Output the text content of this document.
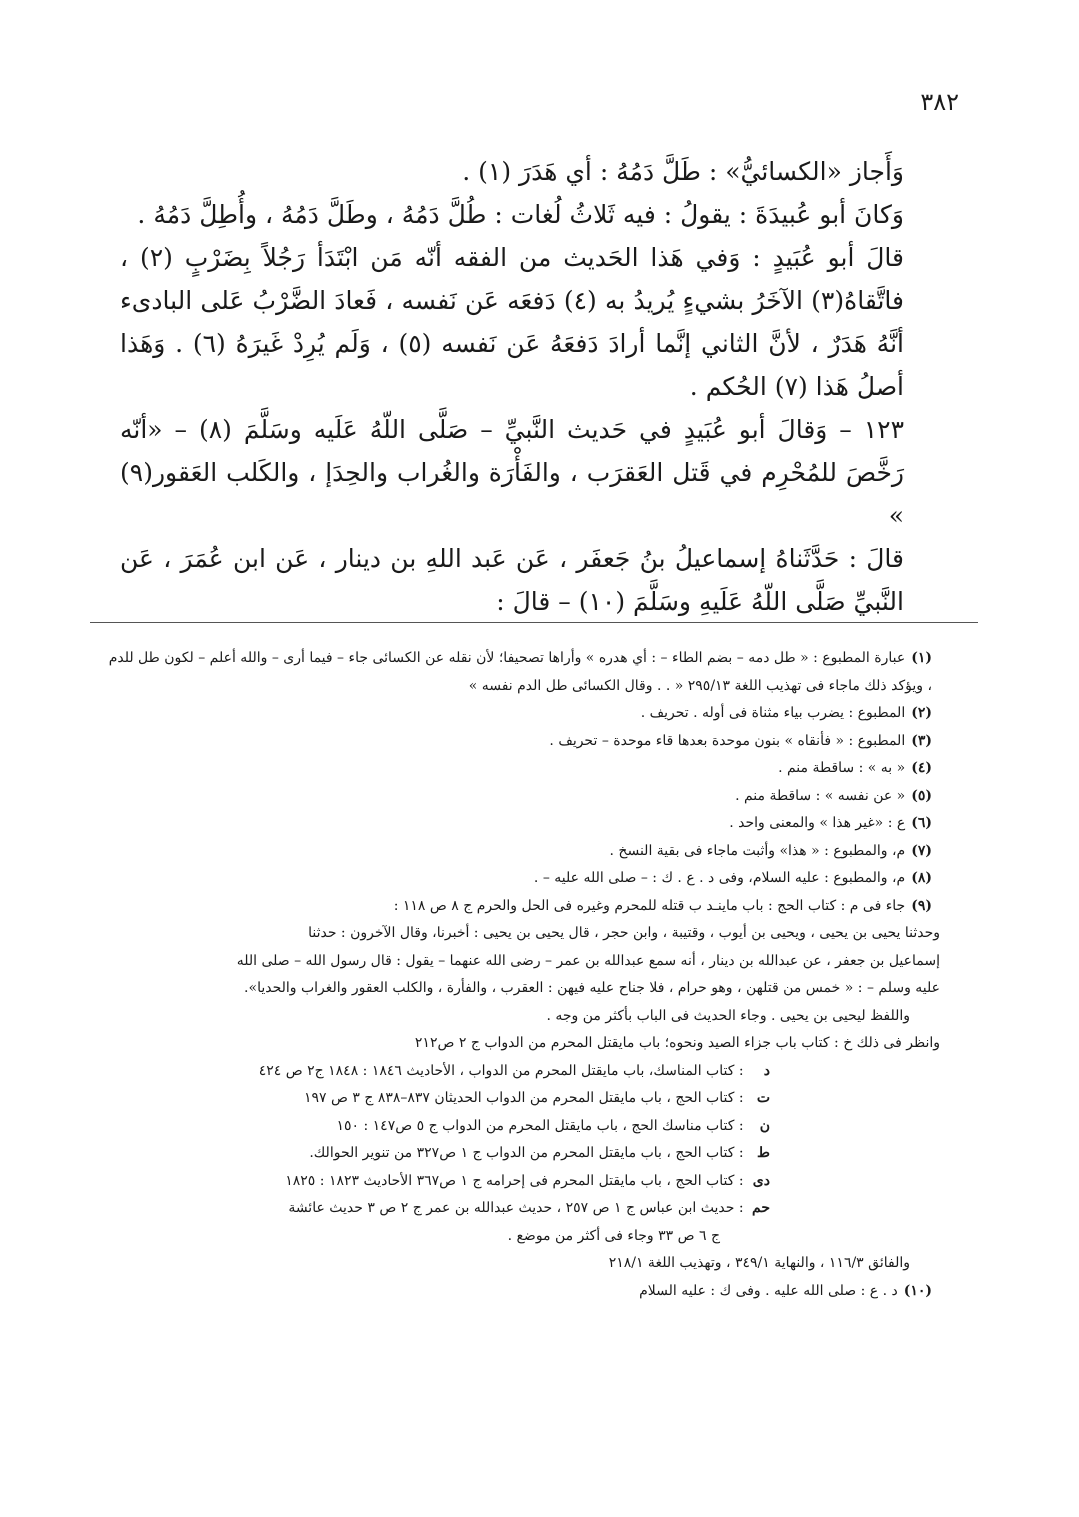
٣٨٢

وَأَجاز «الكسائيُّ» : طَلَّ دَمُهُ : أي هَدَرَ (١) .

وَكانَ أبو عُبيدَةَ : يقولُ : فيه ثَلاثُ لُغات : طُلَّ دَمُهُ ، وطَلَّ دَمُهُ ، وأُطِلَّ دَمُهُ .

قالَ أبو عُبَيدٍ : وَفي هَذا الحَديث من الفقه أنّه مَن ابْتَدَأ رَجُلاً بِضَرْبٍ (٢) ، فاتَّقاهُ(٣) الآخَرُ بشيءٍ يُريدُ به (٤) دَفعَه عَن نَفسه ، فَعادَ الضَّرْبُ عَلى البادىء أنَّهُ هَدَرٌ ، لأنَّ الثاني إنَّما أرادَ دَفعَهُ عَن نَفسه (٥) ، وَلَم يُرِدْ غَيرَهُ (٦) . وَهَذا أصلُ هَذا (٧) الحُكم .

١٢٣ – وَقالَ أبو عُبَيدٍ في حَديث النَّبيِّ – صَلَّى اللّهُ عَلَيه وسَلَّمَ (٨) – «أنّه رَخَّصَ للمُحْرِم في قَتل العَقرَب ، والفَأْرَة والغُراب والحِدَإ ، والكَلب العَقور(٩) »

قالَ : حَدَّثَناهُ إسماعيلُ بنُ جَعفَر ، عَن عَبد اللهِ بن دينار ، عَن ابن عُمَرَ ، عَن النَّبيِّ صَلَّى اللّهُ عَلَيهِ وسَلَّمَ (١٠) – قالَ :

(١)عبارة المطبوع : « طل دمه – بضم الطاء – : أي هدره » وأراها تصحيفا؛ لأن نقله عن الكسائى جاء – فيما أرى – والله أعلم – لكون طل للدم ، ويؤكد ذلك ماجاء فى تهذيب اللغة ٢٩٥/١٣ « . . وقال الكسائى طل الدم نفسه »

(٢)المطبوع : يضرب بياء مثناة فى أوله . تحريف .

(٣)المطبوع : « فأنقاه » بنون موحدة بعدها قاء موحدة – تحريف .

(٤)« به » : ساقطة منم .

(٥)« عن نفسه » : ساقطة منم .

(٦)ع : «غير هذا » والمعنى واحد .

(٧)م، والمطبوع : « هذا» وأثبت ماجاء فى بقية النسخ .

(٨)م، والمطبوع : عليه السلام، وفى د . ع . ك : – صلى الله عليه – .

(٩)جاء فى م : كتاب الحج : باب ماينـد ب قتله للمحرم وغيره فى الحل والحرم ج ٨ ص ١١٨ :

وحدثنا يحيى بن يحيى ، ويحيى بن أيوب ، وقتيبة ، وابن حجر ، قال يحيى بن يحيى : أخبرنا، وقال الآخرون : حدثنا

إسماعيل بن جعفر ، عن عبدالله بن دينار ، أنه سمع عبدالله بن عمر – رضى الله عنهما – يقول : قال رسول الله – صلى الله

عليه وسلم – : « خمس من قتلهن ، وهو حرام ، فلا جناح عليه فيهن : العقرب ، والفأرة ، والكلب العقور والغراب والحديا».

واللفظ ليحيى بن يحيى . وجاء الحديث فى الباب بأكثر من وجه .

وانظر فى ذلك خ : كتاب باب جزاء الصيد ونحوه؛ باب مايقتل المحرم من الدواب ج ٢ ص٢١٢

د : كتاب المناسك، باب مايقتل المحرم من الدواب ، الأحاديث ١٨٤٦ : ١٨٤٨ ج٢ ص ٤٢٤

ت : كتاب الحج ، باب مايقتل المحرم من الدواب الحديثان ٨٣٧–٨٣٨ ج ٣ ص ١٩٧

ن : كتاب مناسك الحج ، باب مايقتل المحرم من الدواب ج ٥ ص١٤٧ : ١٥٠

ط : كتاب الحج ، باب مايقتل المحرم من الدواب ج ١ ص٣٢٧ من تنوير الحوالك.

دى : كتاب الحج ، باب مايقتل المحرم فى إحرامه ج ١ ص٣٦٧ الأحاديث ١٨٢٣ : ١٨٢٥

حم : حديث ابن عباس ج ١ ص ٢٥٧ ، حديث عبدالله بن عمر ج ٢ ص ٣ حديث عائشة

ج ٦ ص ٣٣ وجاء فى أكثر من موضع .

والفائق ١١٦/٣ ، والنهاية ٣٤٩/١ ، وتهذيب اللغة ٢١٨/١

(١٠)د . ع : صلى الله عليه . وفى ك : عليه السلام
